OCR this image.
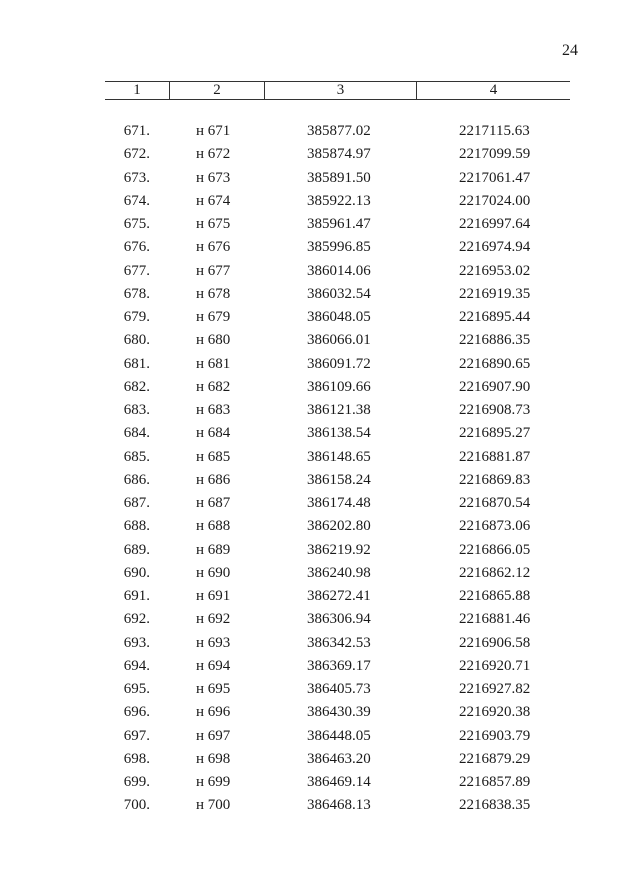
24
1	2	3	4
671.	н 671	385877.02	2217115.63
672.	н 672	385874.97	2217099.59
673.	н 673	385891.50	2217061.47
674.	н 674	385922.13	2217024.00
675.	н 675	385961.47	2216997.64
676.	н 676	385996.85	2216974.94
677.	н 677	386014.06	2216953.02
678.	н 678	386032.54	2216919.35
679.	н 679	386048.05	2216895.44
680.	н 680	386066.01	2216886.35
681.	н 681	386091.72	2216890.65
682.	н 682	386109.66	2216907.90
683.	н 683	386121.38	2216908.73
684.	н 684	386138.54	2216895.27
685.	н 685	386148.65	2216881.87
686.	н 686	386158.24	2216869.83
687.	н 687	386174.48	2216870.54
688.	н 688	386202.80	2216873.06
689.	н 689	386219.92	2216866.05
690.	н 690	386240.98	2216862.12
691.	н 691	386272.41	2216865.88
692.	н 692	386306.94	2216881.46
693.	н 693	386342.53	2216906.58
694.	н 694	386369.17	2216920.71
695.	н 695	386405.73	2216927.82
696.	н 696	386430.39	2216920.38
697.	н 697	386448.05	2216903.79
698.	н 698	386463.20	2216879.29
699.	н 699	386469.14	2216857.89
700.	н 700	386468.13	2216838.35
